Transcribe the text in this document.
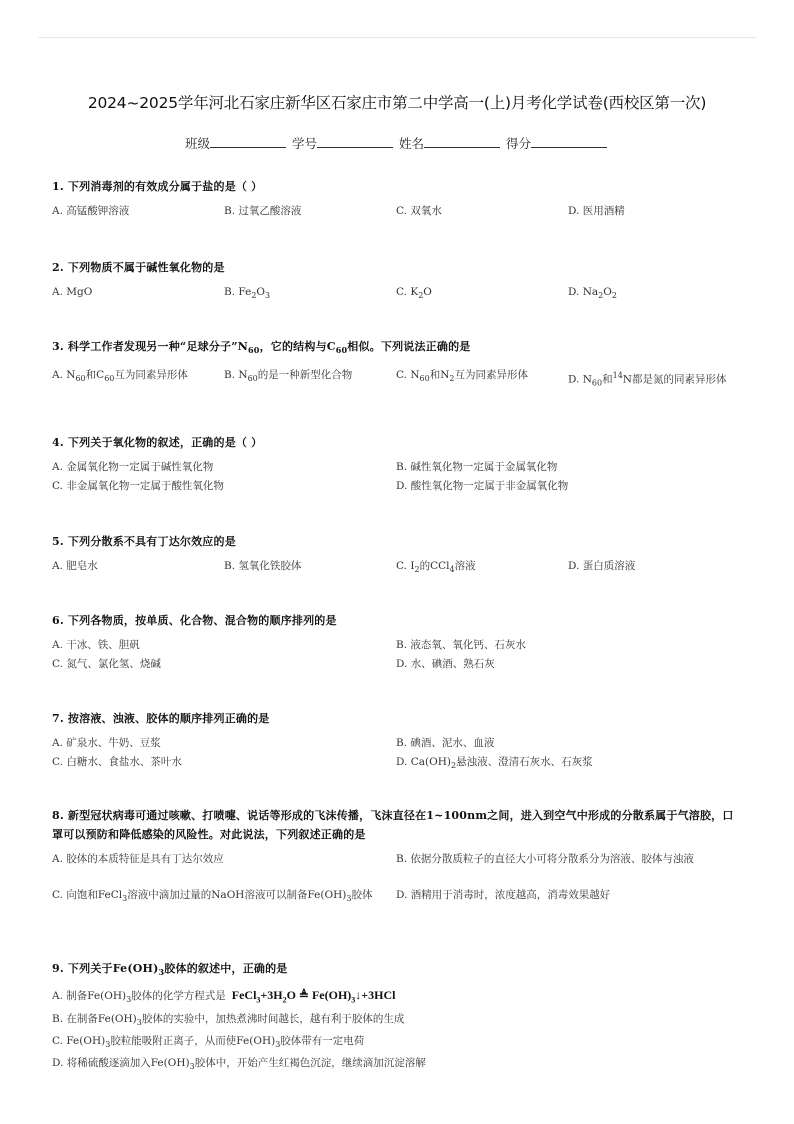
2024~2025学年河北石家庄新华区石家庄市第二中学高一(上)月考化学试卷(西校区第一次)
班级	学号	姓名	得分
1. 下列消毒剂的有效成分属于盐的是（ ）
A. 高锰酸钾溶液	B. 过氧乙酸溶液	C. 双氧水	D. 医用酒精
2. 下列物质不属于碱性氧化物的是
A. MgO	B. $Fe_2O_3$	C. $K_2O$	D. $Na_2O_2$
3. 科学工作者发现另一种“足球分子$”N_{60}$，它的结构与$C_{60}$相似。下列说法正确的是
A. $N_{60}$和$C_{60}$互为同素异形体	B. $N_{60}$的是一种新型化合物	C. $N_{60}$和$N_2$互为同素异形体	D. $N_{60}$和$^{14}$N都是氮的同素异形体
4. 下列关于氧化物的叙述，正确的是（ ）
A. 金属氧化物一定属于碱性氧化物	B. 碱性氧化物一定属于金属氧化物
C. 非金属氧化物一定属于酸性氧化物	D. 酸性氧化物一定属于非金属氧化物
5. 下列分散系不具有丁达尔效应的是
A. 肥皂水	B. 氢氧化铁胶体	C. $I_2$的CCl$_4$溶液	D. 蛋白质溶液
6. 下列各物质，按单质、化合物、混合物的顺序排列的是
A. 干冰、铁、胆矾	B. 液态氧、氧化钙、石灰水
C. 氮气、氯化氢、烧碱	D. 水、碘酒、熟石灰
7. 按溶液、浊液、胶体的顺序排列正确的是
A. 矿泉水、牛奶、豆浆	B. 碘酒、泥水、血液
C. 白糖水、食盐水、茶叶水	D. $Ca(OH)_2$悬浊液、澄清石灰水、石灰浆
8. 新型冠状病毒可通过咳嗽、打喷嚏、说话等形成的飞沫传播，飞沫直径在1~100nm之间，进入到空气中形成的分散系属于气溶胶，口罩可以预防和降低感染的风险性。对此说法，下列叙述正确的是
A. 胶体的本质特征是具有丁达尔效应	B. 依据分散质粒子的直径大小可将分散系分为溶液、胶体与浊液
C. 向饱和FeCl$_3$溶液中滴加过量的NaOH溶液可以制备$Fe(OH)_3$胶体	D. 酒精用于消毒时，浓度越高，消毒效果越好
9. 下列关于$Fe(OH)_3$胶体的叙述中，正确的是
A. 制备$Fe(OH)_3$胶体的化学方程式是 $FeCl_3+3H_2O$ ≜ $Fe(OH)_3↓+3HCl$
B. 在制备$Fe(OH)_3$胶体的实验中，加热煮沸时间越长，越有利于胶体的生成
C. $Fe(OH)_3$胶粒能吸附正离子，从而使$Fe(OH)_3$胶体带有一定电荷
D. 将稀硫酸逐滴加入$Fe(OH)_3$胶体中，开始产生红褐色沉淀，继续滴加沉淀溶解
